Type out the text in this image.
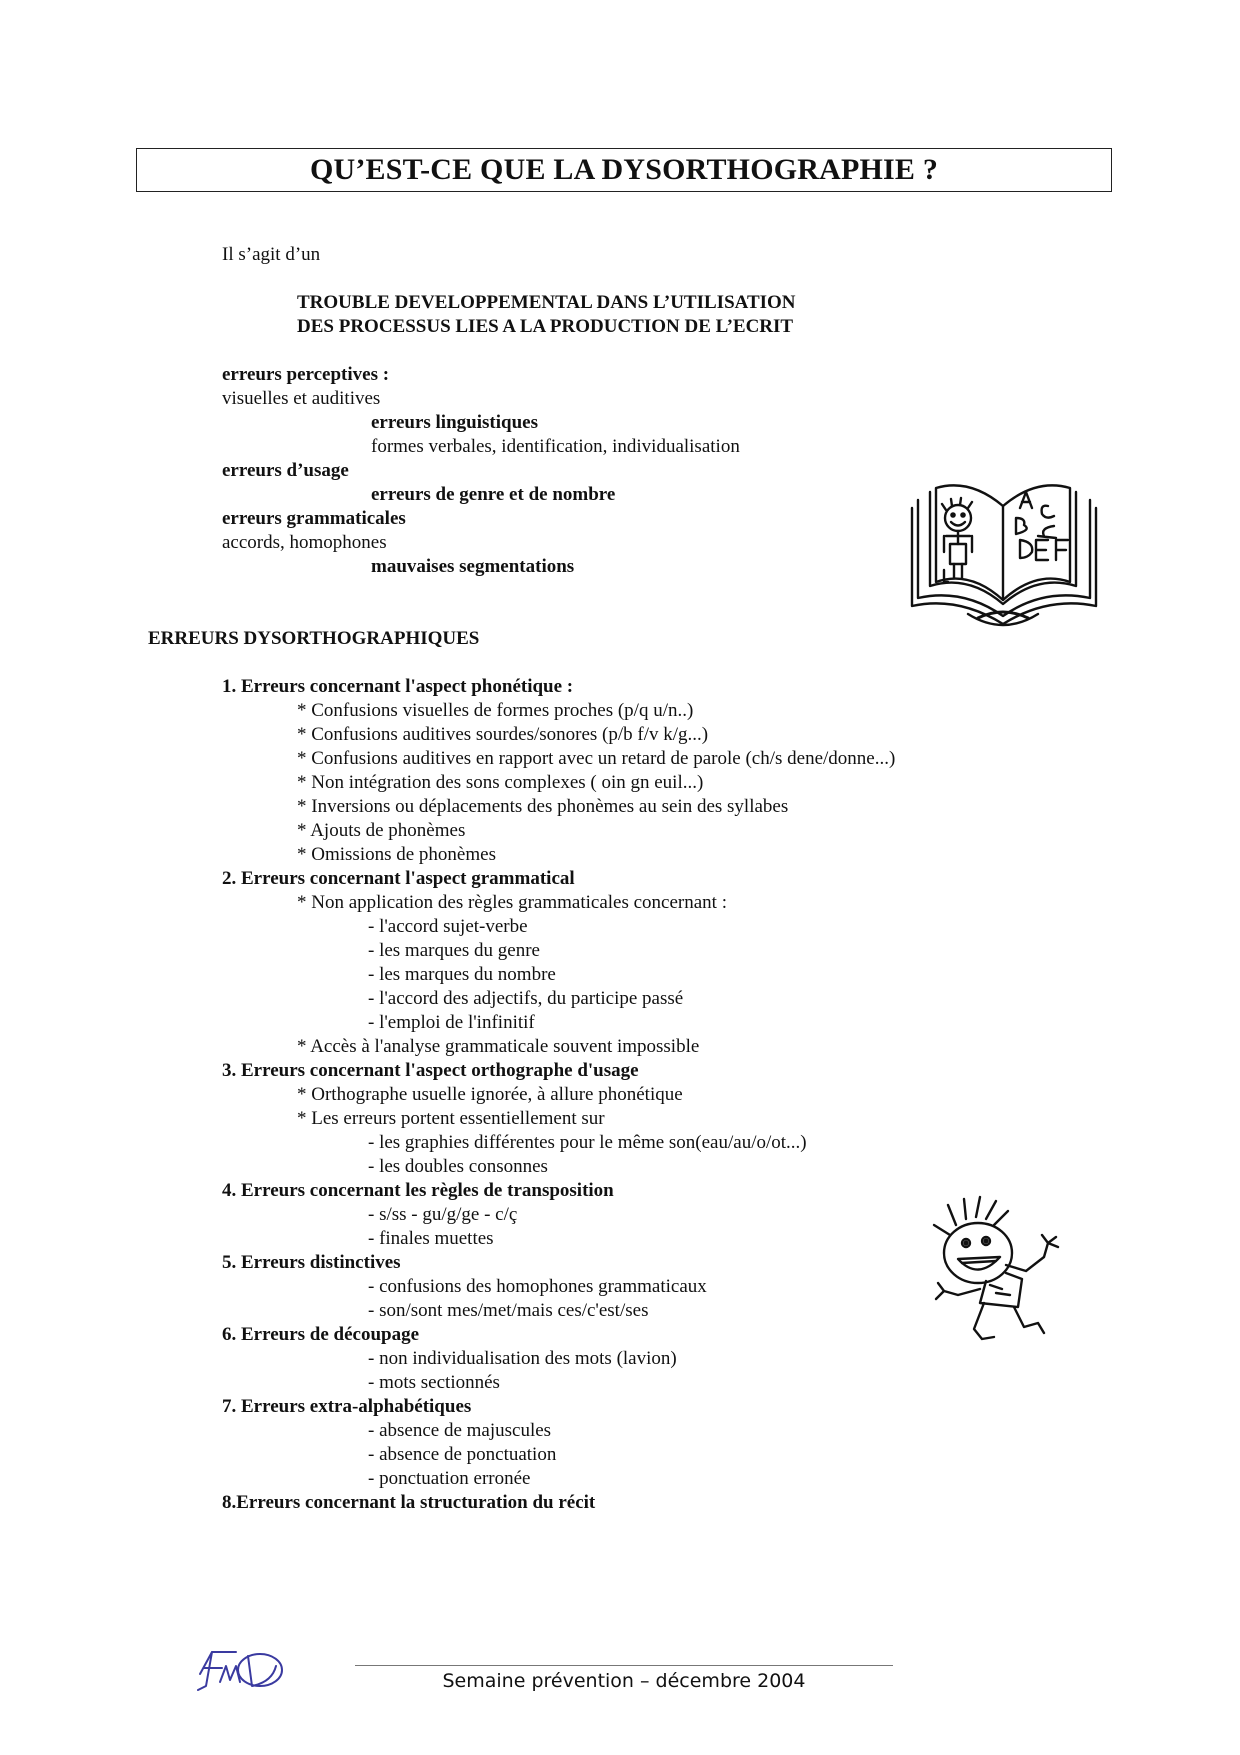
QU’EST-CE QUE LA DYSORTHOGRAPHIE ?
Il s’agit d’un
TROUBLE DEVELOPPEMENTAL DANS L’UTILISATION
DES PROCESSUS LIES A LA PRODUCTION DE L’ECRIT
erreurs perceptives :
visuelles et auditives
erreurs linguistiques
formes verbales, identification, individualisation
erreurs d’usage
erreurs de genre et de nombre
erreurs grammaticales
accords, homophones
mauvaises segmentations
ERREURS DYSORTHOGRAPHIQUES
1. Erreurs concernant l'aspect phonétique :
* Confusions visuelles de formes proches (p/q u/n..)
* Confusions auditives sourdes/sonores (p/b f/v k/g...)
* Confusions auditives en rapport avec un retard de parole (ch/s dene/donne...)
* Non intégration des sons complexes ( oin gn euil...)
* Inversions ou déplacements des phonèmes au sein des syllabes
* Ajouts de phonèmes
* Omissions de phonèmes
2. Erreurs concernant l'aspect grammatical
* Non application des règles grammaticales concernant :
- l'accord sujet-verbe
- les marques du genre
- les marques du nombre
- l'accord des adjectifs, du participe passé
- l'emploi de l'infinitif
* Accès à l'analyse grammaticale souvent impossible
3. Erreurs concernant l'aspect orthographe d'usage
* Orthographe usuelle ignorée, à allure phonétique
* Les erreurs portent essentiellement sur
- les graphies différentes pour le même son(eau/au/o/ot...)
- les doubles consonnes
4. Erreurs concernant les règles de transposition
- s/ss - gu/g/ge - c/ç
- finales muettes
5. Erreurs distinctives
- confusions des homophones grammaticaux
- son/sont mes/met/mais ces/c'est/ses
6. Erreurs de découpage
- non individualisation des mots (lavion)
- mots sectionnés
7. Erreurs extra-alphabétiques
- absence de majuscules
- absence de ponctuation
- ponctuation erronée
8.Erreurs concernant la structuration du récit
Semaine prévention – décembre 2004
